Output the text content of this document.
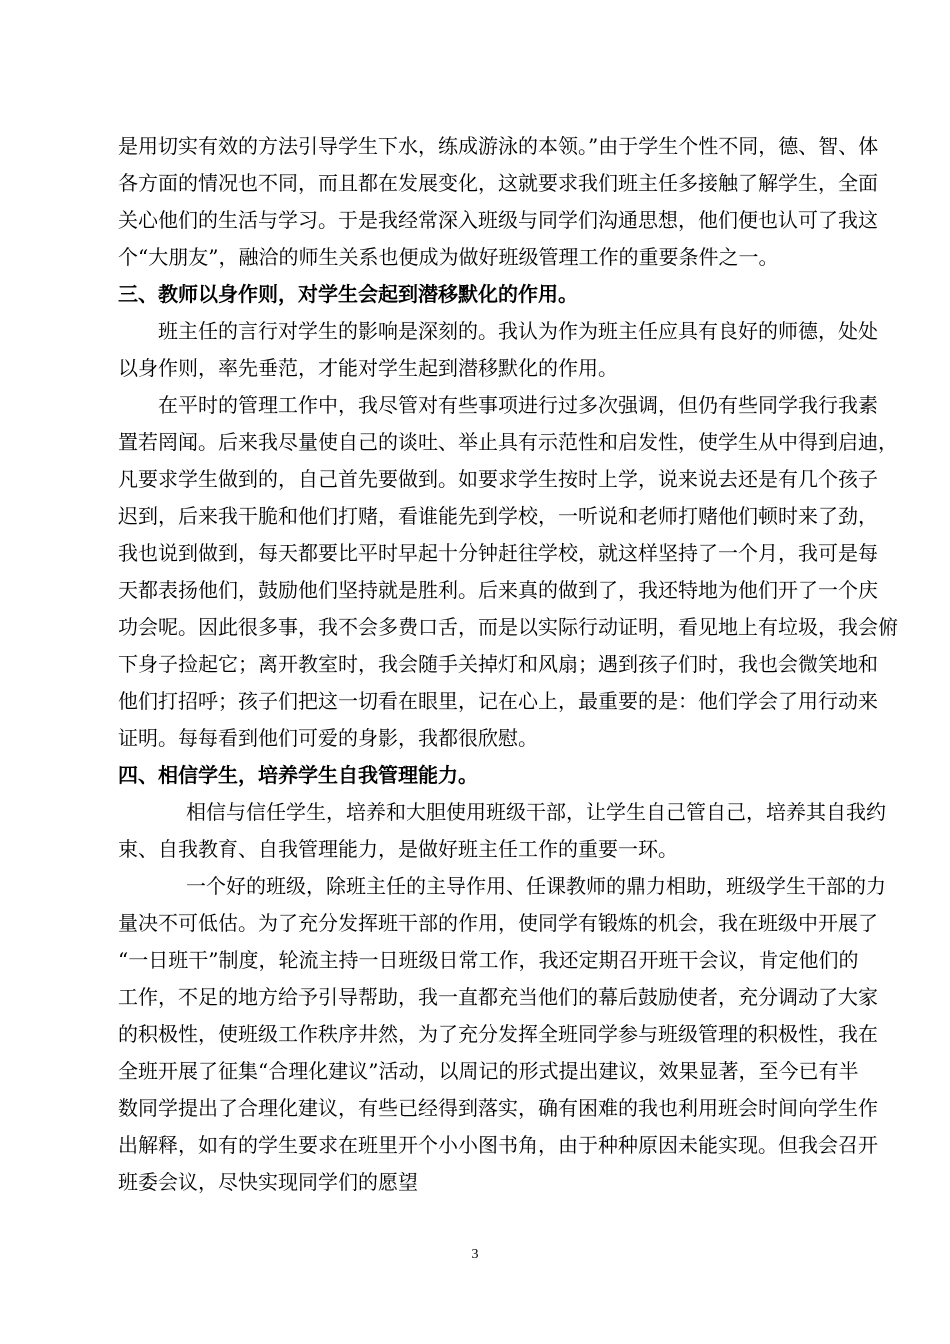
是用切实有效的方法引导学生下水，练成游泳的本领。”由于学生个性不同，德、智、体
各方面的情况也不同，而且都在发展变化，这就要求我们班主任多接触了解学生，全面
关心他们的生活与学习。于是我经常深入班级与同学们沟通思想，他们便也认可了我这
个“大朋友”，融洽的师生关系也便成为做好班级管理工作的重要条件之一。
三、教师以身作则，对学生会起到潜移默化的作用。
班主任的言行对学生的影响是深刻的。我认为作为班主任应具有良好的师德，处处
以身作则，率先垂范，才能对学生起到潜移默化的作用。
在平时的管理工作中，我尽管对有些事项进行过多次强调，但仍有些同学我行我素
置若罔闻。后来我尽量使自己的谈吐、举止具有示范性和启发性，使学生从中得到启迪，
凡要求学生做到的，自己首先要做到。如要求学生按时上学，说来说去还是有几个孩子
迟到，后来我干脆和他们打赌，看谁能先到学校，一听说和老师打赌他们顿时来了劲，
我也说到做到，每天都要比平时早起十分钟赶往学校，就这样坚持了一个月，我可是每
天都表扬他们，鼓励他们坚持就是胜利。后来真的做到了，我还特地为他们开了一个庆
功会呢。因此很多事，我不会多费口舌，而是以实际行动证明，看见地上有垃圾，我会俯
下身子捡起它；离开教室时，我会随手关掉灯和风扇；遇到孩子们时，我也会微笑地和
他们打招呼；孩子们把这一切看在眼里，记在心上，最重要的是：他们学会了用行动来
证明。每每看到他们可爱的身影，我都很欣慰。
四、相信学生，培养学生自我管理能力。
相信与信任学生，培养和大胆使用班级干部，让学生自己管自己，培养其自我约
束、自我教育、自我管理能力，是做好班主任工作的重要一环。
一个好的班级，除班主任的主导作用、任课教师的鼎力相助，班级学生干部的力
量决不可低估。为了充分发挥班干部的作用，使同学有锻炼的机会，我在班级中开展了
“一日班干”制度，轮流主持一日班级日常工作，我还定期召开班干会议，肯定他们的
工作，不足的地方给予引导帮助，我一直都充当他们的幕后鼓励使者，充分调动了大家
的积极性，使班级工作秩序井然，为了充分发挥全班同学参与班级管理的积极性，我在
全班开展了征集“合理化建议”活动，以周记的形式提出建议，效果显著，至今已有半
数同学提出了合理化建议，有些已经得到落实，确有困难的我也利用班会时间向学生作
出解释，如有的学生要求在班里开个小小图书角，由于种种原因未能实现。但我会召开
班委会议，尽快实现同学们的愿望
3
